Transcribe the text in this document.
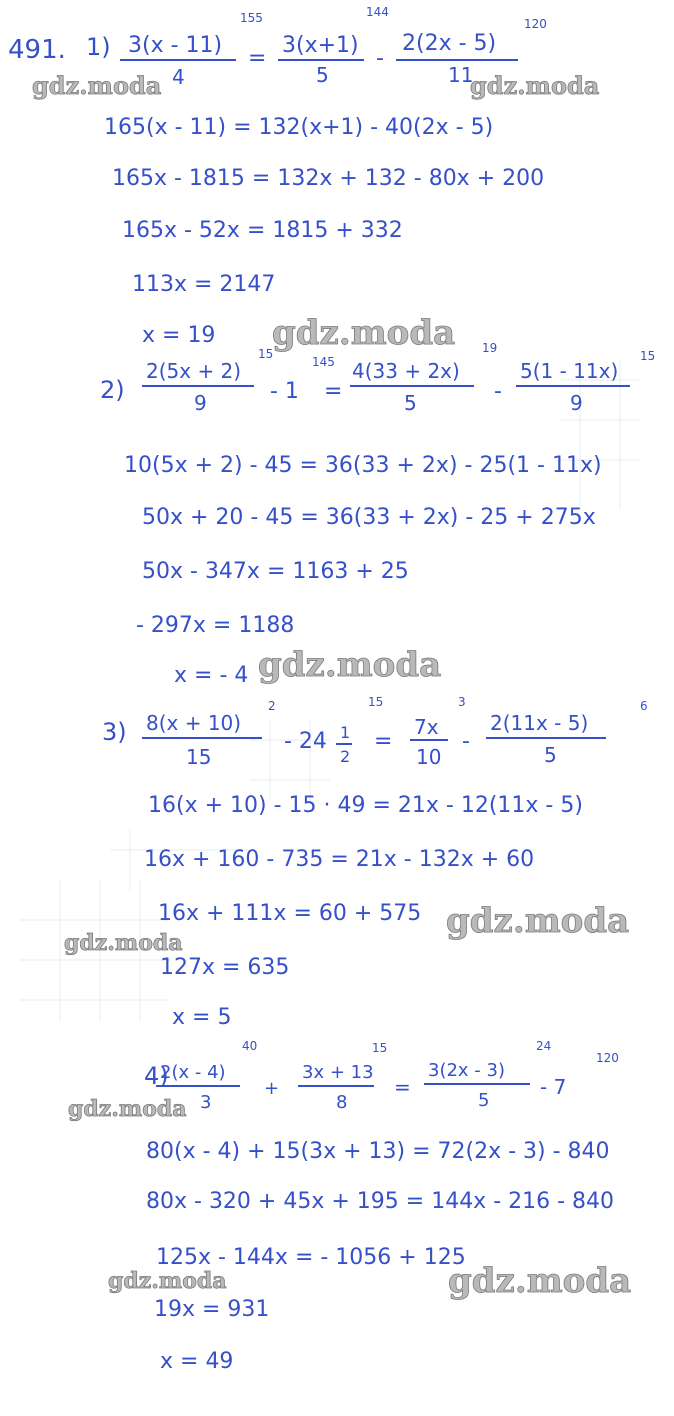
491. 1) 3(x - 11)
4
155
=
3(x+1)
5
144
-
2(2x - 5)
11
120
165(x - 11) = 132(x+1) - 40(2x - 5)
165x - 1815 = 132x + 132 - 80x + 200
165x - 52x = 1815 + 332
113x = 2147
x = 19
2)
2(5x + 2)
9
15
- 1
145
=
4(33 + 2x)
5
19
-
5(1 - 11x)
9
15
10(5x + 2) - 45 = 36(33 + 2x) - 25(1 - 11x)
50x + 20 - 45 = 36(33 + 2x) - 25 + 275x
50x - 347x = 1163 + 25
- 297x = 1188
x = - 4
3) 8(x + 10)
15
2
- 24 1
2
15
=
7x
10
3
-
2(11x - 5)
5
6
16(x + 10) - 15 · 49 = 21x - 12(11x - 5)
16x + 160 - 735 = 21x - 132x + 60
16x + 111x = 60 + 575
127x = 635
x = 5
4)
2(x - 4)
3
40
+
3x + 13
8
15
=
3(2x - 3)
5
24
- 7
120
80(x - 4) + 15(3x + 13) = 72(2x - 3) - 840
80x - 320 + 45x + 195 = 144x - 216 - 840
125x - 144x = - 1056 + 125
19x = 931
x = 49
gdz.moda	gdz.moda
gdz.moda
gdz.moda
gdz.moda
gdz.moda
gdz.moda
gdz.moda	gdz.moda
